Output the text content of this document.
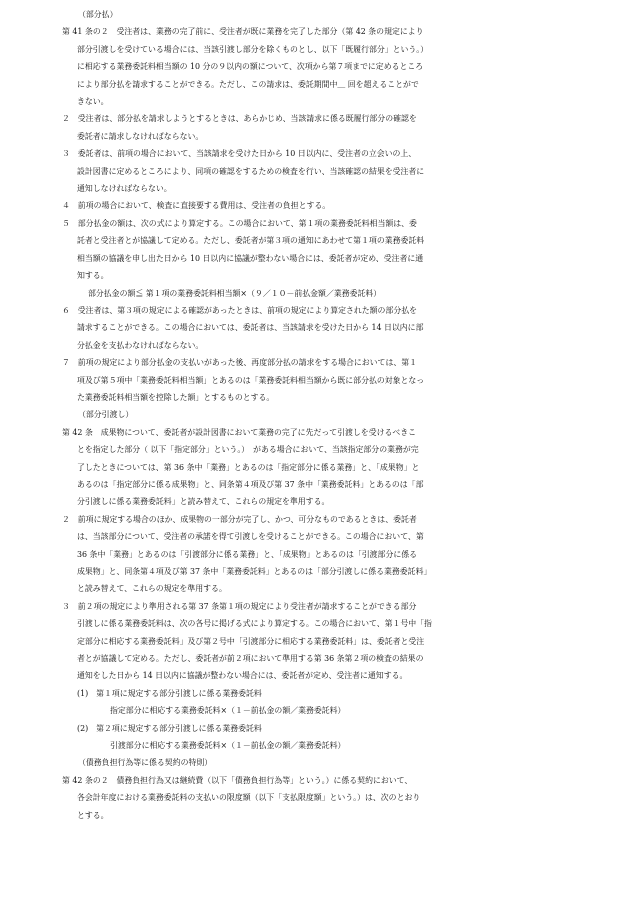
（部分払）
第 41 条の２　受注者は、業務の完了前に、受注者が既に業務を完了した部分（第 42 条の規定により
部分引渡しを受けている場合には、当該引渡し部分を除くものとし、以下「既履行部分」という。）
に相応する業務委託料相当額の 10 分の９以内の額について、次項から第７項までに定めるところ
により部分払を請求することができる。ただし、この請求は、委託期間中＿ 回を超えることがで
きない。
２　受注者は、部分払を請求しようとするときは、あらかじめ、当該請求に係る既履行部分の確認を
委託者に請求しなければならない。
３　委託者は、前項の場合において、当該請求を受けた日から 10 日以内に、受注者の立会いの上、
設計図書に定めるところにより、同項の確認をするための検査を行い、当該確認の結果を受注者に
通知しなければならない。
４　前項の場合において、検査に直接要する費用は、受注者の負担とする。
５　部分払金の額は、次の式により算定する。この場合において、第１項の業務委託料相当額は、委
託者と受注者とが協議して定める。ただし、委託者が第３項の通知にあわせて第１項の業務委託料
相当額の協議を申し出た日から 10 日以内に協議が整わない場合には、委託者が定め、受注者に通
知する。
部分払金の額≦ 第１項の業務委託料相当額×（９／１０－前払金額／業務委託料）
６　受注者は、第３項の規定による確認があったときは、前項の規定により算定された額の部分払を
請求することができる。この場合においては、委託者は、当該請求を受けた日から 14 日以内に部
分払金を支払わなければならない。
７　前項の規定により部分払金の支払いがあった後、再度部分払の請求をする場合においては、第１
項及び第５項中「業務委託料相当額」とあるのは「業務委託料相当額から既に部分払の対象となっ
た業務委託料相当額を控除した額」とするものとする。
（部分引渡し）
第 42 条　成果物について、委託者が設計図書において業務の完了に先だって引渡しを受けるべきこ
とを指定した部分（ 以下「指定部分」という。）　がある場合において、当該指定部分の業務が完
了したときについては、第 36 条中「業務」とあるのは「指定部分に係る業務」と、「成果物」と
あるのは「指定部分に係る成果物」と、同条第４項及び第 37 条中「業務委託料」とあるのは「部
分引渡しに係る業務委託料」と読み替えて、これらの規定を準用する。
２　前項に規定する場合のほか、成果物の一部分が完了し、かつ、可分なものであるときは、委託者
は、当該部分について、受注者の承諾を得て引渡しを受けることができる。この場合において、第
36 条中「業務」とあるのは「引渡部分に係る業務」と、「成果物」とあるのは「引渡部分に係る
成果物」と、同条第４項及び第 37 条中「業務委託料」とあるのは「部分引渡しに係る業務委託料」
と読み替えて、これらの規定を準用する。
３　前２項の規定により準用される第 37 条第１項の規定により受注者が請求することができる部分
引渡しに係る業務委託料は、次の各号に掲げる式により算定する。この場合において、第１号中「指
定部分に相応する業務委託料」及び第２号中「引渡部分に相応する業務委託料」は、委託者と受注
者とが協議して定める。ただし、委託者が前２項において準用する第 36 条第２項の検査の結果の
通知をした日から 14 日以内に協議が整わない場合には、委託者が定め、受注者に通知する。
(1)　第１項に規定する部分引渡しに係る業務委託料
指定部分に相応する業務委託料×（１－前払金の額／業務委託料）
(2)　第２項に規定する部分引渡しに係る業務委託料
引渡部分に相応する業務委託料×（１－前払金の額／業務委託料）
（債務負担行為等に係る契約の特則）
第 42 条の２　債務負担行為又は継続費（以下「債務負担行為等」という。）に係る契約において、
各会計年度における業務委託料の支払いの限度額（以下「支払限度額」という。）は、次のとおり
とする。
